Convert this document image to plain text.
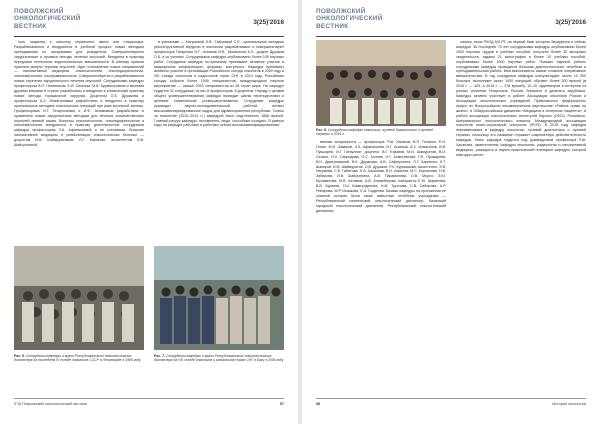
ПОВОЛЖСКИЙ
ОНКОЛОГИЧЕСКИЙ
ВЕСТНИК
3(25)'2016

путь пациента к онкологу первичного звена или стационара. Разрабатываются и внедряются в учебный процесс новые методики преподавания по программам для резидентов. Совершенствуются хирургические и лучевые методы лечения опухолей. Внедрена в практику передовая технология эндоскопических вмешательств. В клинику пришли практики имнуно терапии опухолей. Идет становление новых направлений — паллиативной медицины, онкопсихологии, онкоэндокринологии, онкогематологии, онкотравматологии. Совершенствуется и разрабатываются новые стратегии хирургического лечения опухолей. Сотрудниками кафедры профессором В.П. Потаниным, Е.И. Сигалом, М.В. Бурмистровым и многими другими впервые в стране разработаны и внедрены в клиническую практику новые методы торакальной хирургии. Доцентом О.Е. Дружкова и профессором А.Х. Исмагиловым разработаны и внедрены в практику оригинальные методики пластических операций при раке молочной железы. Профессорами И.Г. Гатауллиным и И.Ф. Агзямовым разработаны и применены новые хирургические методики для лечения злокачественных опухолей прямой кишки. Вопросы онкопсихологии, онкоэндокринологии и онкогематологии внедряются в практику деятельностью сотрудников кафедры профессором З.А. Афанасьевой и ее учениками. Вопросы паллиативной медицины и реабилитации онкологических больных — доцентом И.М. Шаймуратовым, Л.Г. Карпенко, ассистентом И.В. Шайхуллиной.

и учениками — Нагумовой Э.В., Габитовой С.Е., оригинальные методики реконструктивной хирургии в онкологии разрабатывают и совершенствуют профессора Гатауллин И.Г., Агзямов И.Ф., Исмагилов А.Х., доцент Дружков О.Б. и их ученики. Сотрудниками кафедры опубликовано более 100 научных работ. Сотрудники кафедры по-прежнему принимают активное участие в медицинских конференциях, форумах, конгрессах. Кафедра принимает активное участие в организации Российского съезда онкологов в 2000 году и VIII съезда онкологов и радиологов стран СНГ в 2014 году. Российские съезды собрали более 1000 специалистов, международное научное мероприятие — свыше 2000 специалистов из 38 стран мира. На кафедре трудятся 32 сотрудника, из них 8 профессоров, 8 доцентов. Наряду с целями общего усовершенствования кафедра проводит циклы переподготовки и целевые тематические усовершенствования. Сотрудники кафедры руководят научно-исследовательской работой, готовят высококвалифицированные кадры для здравоохранения республики. Только за пятилетие (2010–2014 гг.) кафедрой было подготовлено 1856 врачей. Главный ресурс кафедры, несомненно, люди, способные созидать. В разные годы на кафедре работали и работают сейчас высококвалифицированные

Рис. 6. Сотрудники кафедры и врачи Республиканского онкологического диспансера на последнем IV съезде онкологов СССР в Ленинграде в 1986 году
Рис. 7. Сотрудники кафедры и врачи Республиканского онкологического диспансера на VIII съезде онкологов и радиологов стран СНГ в Баку в 2006 году
3’16 Поволжский онкологический вестник	97
ПОВОЛЖСКИЙ
ОНКОЛОГИЧЕСКИЙ
ВЕСТНИК
3(25)'2016
Рис. 8. Сотрудники кафедры онкологии, лучевой диагностики и лучевой терапии в 2016 г.

ванные специалисты — профессора: Р.Ш. Хасанов, В.П. Потанин, Е.И. Сигал, М.И. Шакиров, З.А. Афанасьева, И.Г. Агзямов, А.Х. Исмагилов, В.В. Пушкарев, И.Г. Гатауллин; доценты: В.Г. Ефимов, М.И. Шамуратов, В.И. Осокин, Н.Х. Свиридова, О.С. Кочнев, Н.Г. Ахметзянова, Г.Ф. Пушкарева, В.Н. Дмитриевский, В.К. Дружкова, А.В. Сафиуллина, Л.Г. Карпенко, К.Т. Шакиров, И.М. Шаймуратов, О.В. Дружков, Р.Х. Курмашова; ассистенты: Э.В. Нагумова, С.Е. Габитова, Н.А. Хасанова, В.И. Ахметов, М.С. Корнилова, Н.В. Зябирова, И.В. Шайхуллина, А.В. Парамонова, О.В. Мороз, Э.Ю. Мухаметова, М.В. Ахтямов, А.В. Алиакберова; лаборанты Е.Ю. Шарипова, В.В. Кураева, Г.Ш. Шамсутдинова, Н.М. Трутнова, С.В. Сабирова, А.Р. Яппарова, М.Р. Исаакова, Е.А. Гордеева. Базами кафедры на протяжении ее славной истории были такие известные лечебные учреждения — Республиканский клинический онкологический диспансер, Казанский городской онкологический диспансер, Республиканский онкологический диспансер.

ланкер, ныне РКОД МЗ РТ, на первый базе которого базируется и сейчас кафедра. За последние 70 лет сотрудниками кафедры опубликовано более 1000 научных трудов и учебных пособий, получено более 30 авторских свидетельств, изданы 21 монография и более 10 учебных пособий, опубликовано более 1000 научных работ. Помимо научной работы сотрудниками кафедры проводится большая диагностическая, лечебная и преподавательская работа. Ими выполняются самые сложные оперативные вмешательства. В год сотрудники кафедры консультируют около 10 000 больных, выполняют около 1000 операций, обучают более 300 врачей (в 2016 г. — 425, в 2015 г. — 378 врачей), 10–20 ординаторов и интернов из разных регионов Татарстана, России, ближнего и дальнего зарубежья. Кафедра активно участвует в работе Ассоциации онкологов России и Ассоциации онкологических учреждений Приволжского федерального округа, во Всероссийском некоммерческом партнерстве «Равное право на жизнь», в Общероссийском движении «Медицина в интересах пациента», в работе ассоциации онкологических институтов Европы (OECI), Российско-Американского онкологического альянса, Международной ассоциации онкологов психо-социальной онкологии (IPOS). В 2015 году кафедра переименована в кафедру онкологии, лучевой диагностики и лучевой терапии, поскольку это название отражает современную действительность кафедры. Ныне кафедра трудится под руководством профессора Р.Ш. Хасанова, заместителем кафедры онкологии, радиологии и паллиативной медицины, расширить и научно-практический потенциал кафедры, который ежегодно растет.

98	История онкологии
